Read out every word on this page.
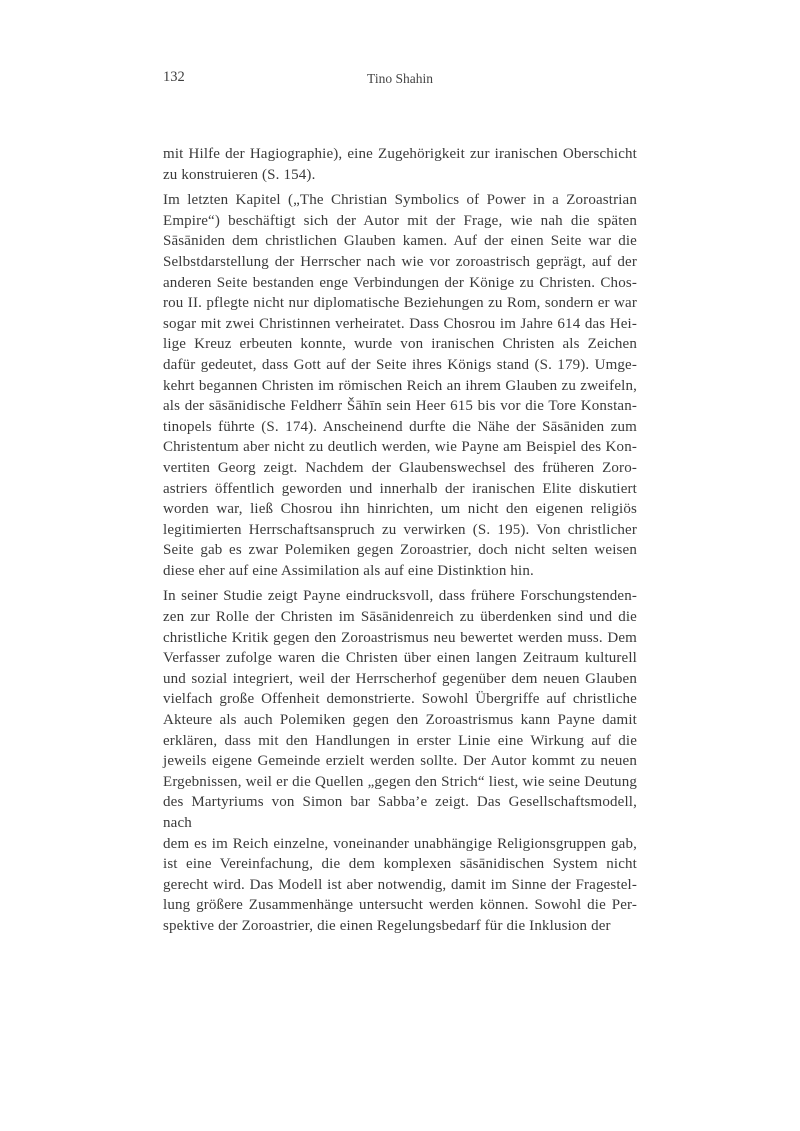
132	Tino Shahin
mit Hilfe der Hagiographie), eine Zugehörigkeit zur iranischen Oberschicht
zu konstruieren (S. 154).
Im letzten Kapitel („The Christian Symbolics of Power in a Zoroastrian
Empire“) beschäftigt sich der Autor mit der Frage, wie nah die späten
Sāsāniden dem christlichen Glauben kamen. Auf der einen Seite war die
Selbstdarstellung der Herrscher nach wie vor zoroastrisch geprägt, auf der
anderen Seite bestanden enge Verbindungen der Könige zu Christen. Chos-
rou II. pflegte nicht nur diplomatische Beziehungen zu Rom, sondern er war
sogar mit zwei Christinnen verheiratet. Dass Chosrou im Jahre 614 das Hei-
lige Kreuz erbeuten konnte, wurde von iranischen Christen als Zeichen
dafür gedeutet, dass Gott auf der Seite ihres Königs stand (S. 179). Umge-
kehrt begannen Christen im römischen Reich an ihrem Glauben zu zweifeln,
als der sāsānidische Feldherr Šāhīn sein Heer 615 bis vor die Tore Konstan-
tinopels führte (S. 174). Anscheinend durfte die Nähe der Sāsāniden zum
Christentum aber nicht zu deutlich werden, wie Payne am Beispiel des Kon-
vertiten Georg zeigt. Nachdem der Glaubenswechsel des früheren Zoro-
astriers öffentlich geworden und innerhalb der iranischen Elite diskutiert
worden war, ließ Chosrou ihn hinrichten, um nicht den eigenen religiös
legitimierten Herrschaftsanspruch zu verwirken (S. 195). Von christlicher
Seite gab es zwar Polemiken gegen Zoroastrier, doch nicht selten weisen
diese eher auf eine Assimilation als auf eine Distinktion hin.
In seiner Studie zeigt Payne eindrucksvoll, dass frühere Forschungstenden-
zen zur Rolle der Christen im Sāsānidenreich zu überdenken sind und die
christliche Kritik gegen den Zoroastrismus neu bewertet werden muss. Dem
Verfasser zufolge waren die Christen über einen langen Zeitraum kulturell
und sozial integriert, weil der Herrscherhof gegenüber dem neuen Glauben
vielfach große Offenheit demonstrierte. Sowohl Übergriffe auf christliche
Akteure als auch Polemiken gegen den Zoroastrismus kann Payne damit
erklären, dass mit den Handlungen in erster Linie eine Wirkung auf die
jeweils eigene Gemeinde erzielt werden sollte. Der Autor kommt zu neuen
Ergebnissen, weil er die Quellen „gegen den Strich“ liest, wie seine Deutung
des Martyriums von Simon bar Sabba’e zeigt. Das Gesellschaftsmodell, nach
dem es im Reich einzelne, voneinander unabhängige Religionsgruppen gab,
ist eine Vereinfachung, die dem komplexen sāsānidischen System nicht
gerecht wird. Das Modell ist aber notwendig, damit im Sinne der Fragestel-
lung größere Zusammenhänge untersucht werden können. Sowohl die Per-
spektive der Zoroastrier, die einen Regelungsbedarf für die Inklusion der
